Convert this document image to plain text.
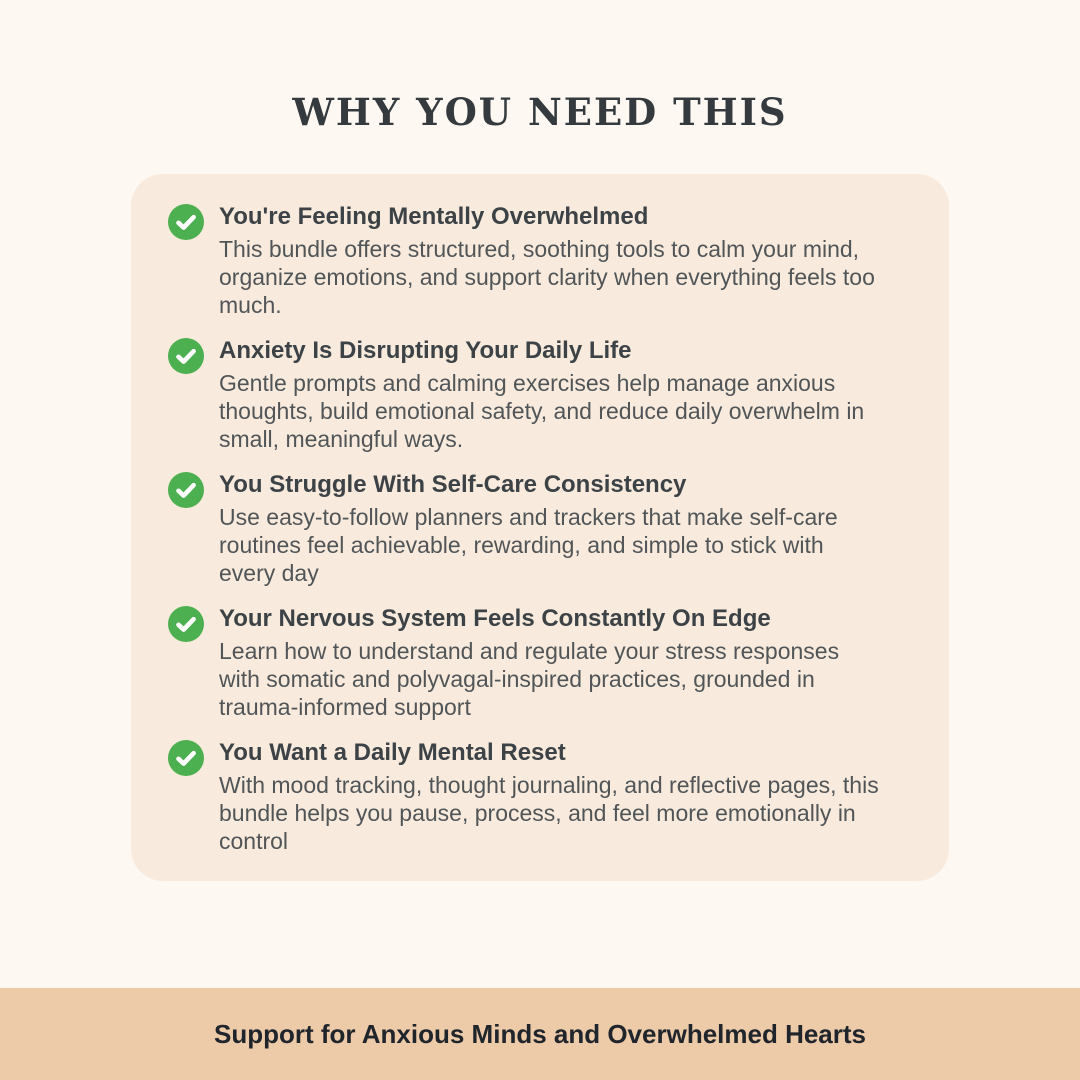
WHY YOU NEED THIS
You're Feeling Mentally Overwhelmed
This bundle offers structured, soothing tools to calm your mind, organize emotions, and support clarity when everything feels too much.
Anxiety Is Disrupting Your Daily Life
Gentle prompts and calming exercises help manage anxious thoughts, build emotional safety, and reduce daily overwhelm in small, meaningful ways.
You Struggle With Self-Care Consistency
Use easy-to-follow planners and trackers that make self-care routines feel achievable, rewarding, and simple to stick with every day
Your Nervous System Feels Constantly On Edge
Learn how to understand and regulate your stress responses with somatic and polyvagal-inspired practices, grounded in trauma-informed support
You Want a Daily Mental Reset
With mood tracking, thought journaling, and reflective pages, this bundle helps you pause, process, and feel more emotionally in control
Support for Anxious Minds and Overwhelmed Hearts
